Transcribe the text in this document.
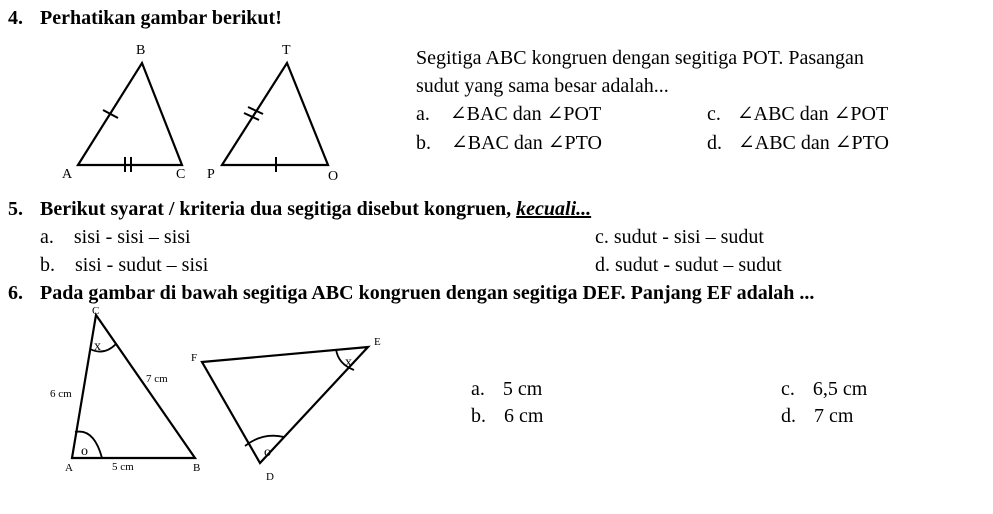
4. Perhatikan gambar berikut!
B
A	C
T
P	O
C
A	B
6 cm
7 cm
5 cm
x
o
F
E
D
x
o
Segitiga ABC kongruen dengan segitiga POT. Pasangan
sudut yang sama besar adalah...
a. ∠BAC dan ∠POT	c. ∠ABC dan ∠POT
b. ∠BAC dan ∠PTO	d. ∠ABC dan ∠PTO
5. Berikut syarat / kriteria dua segitiga disebut kongruen, kecuali...
a. sisi - sisi – sisi	c. sudut - sisi – sudut
b. sisi - sudut – sisi	d. sudut - sudut – sudut
6. Pada gambar di bawah segitiga ABC kongruen dengan segitiga DEF. Panjang EF adalah ...
a. 5 cm	c. 6,5 cm
b. 6 cm	d. 7 cm
